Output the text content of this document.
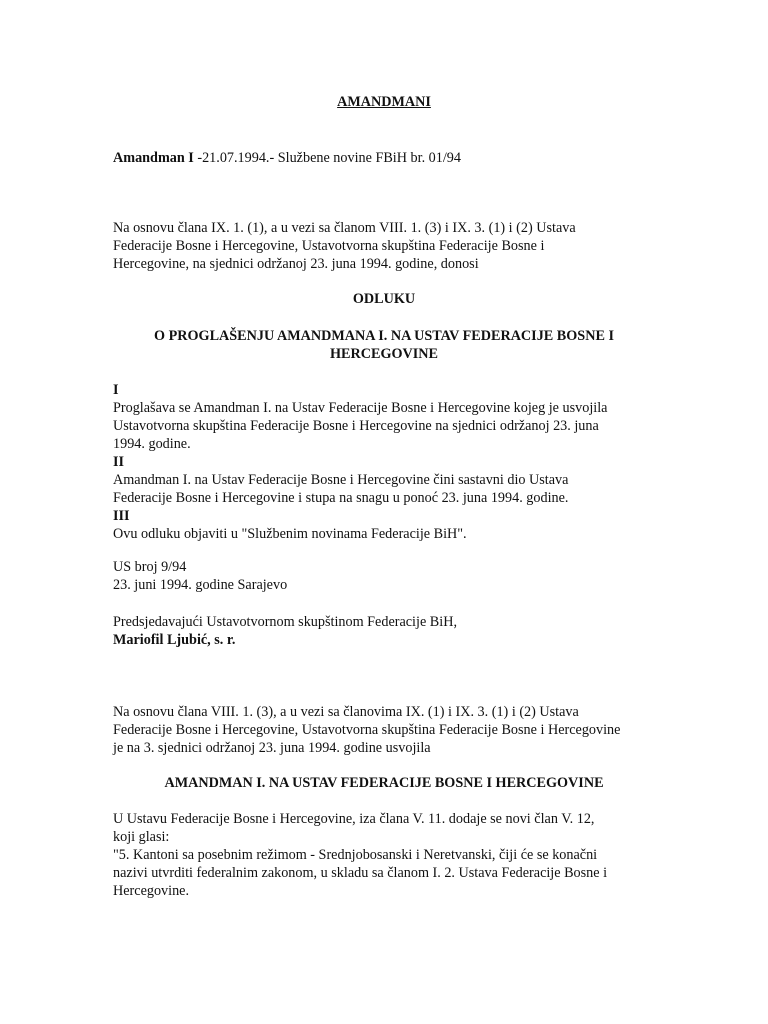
AMANDMANI
Amandman I -21.07.1994.- Službene novine FBiH br. 01/94

Na osnovu člana IX. 1. (1), a u vezi sa članom VIII. 1. (3) i IX. 3. (1) i (2) Ustava

Federacije Bosne i Hercegovine, Ustavotvorna skupština Federacije Bosne i

Hercegovine, na sjednici održanoj 23. juna 1994. godine, donosi

ODLUKU

O PROGLAŠENJU AMANDMANA I. NA USTAV FEDERACIJE BOSNE I

HERCEGOVINE

I

Proglašava se Amandman I. na Ustav Federacije Bosne i Hercegovine kojeg je usvojila

Ustavotvorna skupština Federacije Bosne i Hercegovine na sjednici održanoj 23. juna

1994. godine.

II

Amandman I. na Ustav Federacije Bosne i Hercegovine čini sastavni dio Ustava

Federacije Bosne i Hercegovine i stupa na snagu u ponoć 23. juna 1994. godine.

III

Ovu odluku objaviti u "Službenim novinama Federacije BiH".

US broj 9/94

23. juni 1994. godine Sarajevo

Predsjedavajući Ustavotvornom skupštinom Federacije BiH,

Mariofil Ljubić, s. r.

Na osnovu člana VIII. 1. (3), a u vezi sa članovima IX. (1) i IX. 3. (1) i (2) Ustava

Federacije Bosne i Hercegovine, Ustavotvorna skupština Federacije Bosne i Hercegovine

je na 3. sjednici održanoj 23. juna 1994. godine usvojila

AMANDMAN I. NA USTAV FEDERACIJE BOSNE I HERCEGOVINE

U Ustavu Federacije Bosne i Hercegovine, iza člana V. 11. dodaje se novi član V. 12,

koji glasi:

"5. Kantoni sa posebnim režimom - Srednjobosanski i Neretvanski, čiji će se konačni

nazivi utvrditi federalnim zakonom, u skladu sa članom I. 2. Ustava Federacije Bosne i

Hercegovine.
